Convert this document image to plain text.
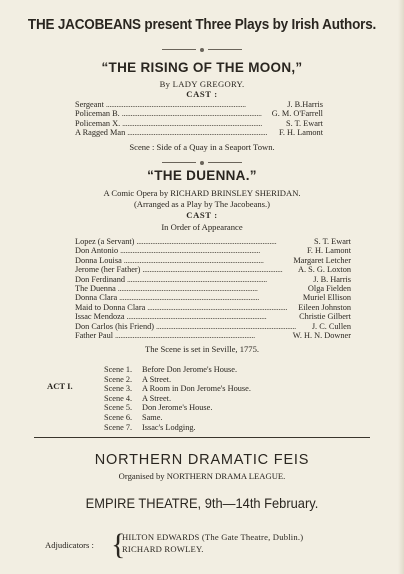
THE JACOBEANS present Three Plays by Irish Authors.
“THE RISING OF THE MOON,”
By LADY GREGORY.
CAST :
Sergeant . . .	J. B.Harris
Policeman B. . . .	G. M. O'Farrell
Policeman X. . . .	S. T. Ewart
A Ragged Man . . .	F. H. Lamont
Scene : Side of a Quay in a Seaport Town.
“THE DUENNA.”
A Comic Opera by RICHARD BRINSLEY SHERIDAN.
(Arranged as a Play by The Jacobeans.)
CAST :
In Order of Appearance
Lopez (a Servant) . . .	S. T. Ewart
Don Antonio . . .	F. H. Lamont
Donna Louisa . . .	Margaret Letcher
Jerome (her Father) . . .	A. S. G. Loxton
Don Ferdinand . . .	J. B. Harris
The Duenna . . .	Olga Fielden
Donna Clara . . .	Muriel Ellison
Maid to Donna Clara . . .	Eileen Johnston
Issac Mendoza . . .	Christie Gilbert
Don Carlos (his Friend) . . .	J. C. Cullen
Father Paul . . .	W. H. N. Downer
The Scene is set in Seville, 1775.
ACT I.
Scene 1.	Before Don Jerome's House.
Scene 2.	A Street.
Scene 3.	A Room in Don Jerome's House.
Scene 4.	A Street.
Scene 5.	Don Jerome's House.
Scene 6.	Same.
Scene 7.	Issac's Lodging.
NORTHERN DRAMATIC FEIS
Organised by NORTHERN DRAMA LEAGUE.
EMPIRE THEATRE, 9th—14th February.
Adjudicators : {
HILTON EDWARDS (The Gate Theatre, Dublin.)
RICHARD ROWLEY.
